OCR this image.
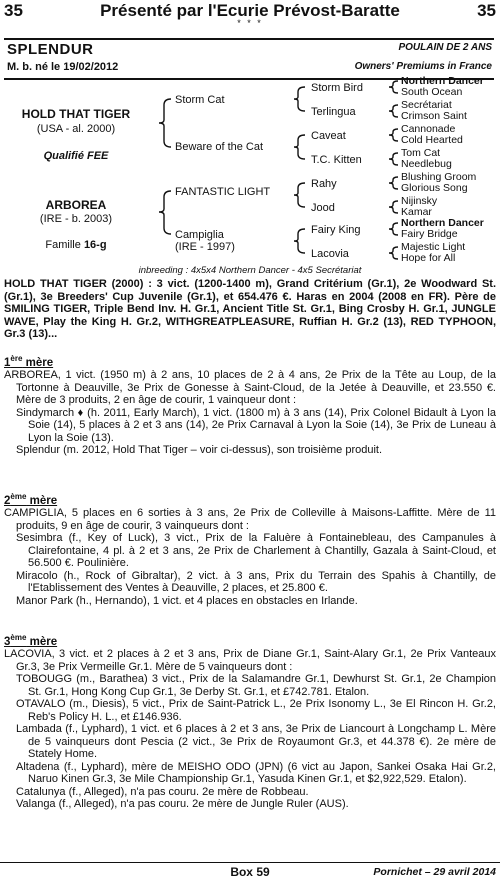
35	Présenté par l'Ecurie Prévost-Baratte	35
* * *
SPLENDUR	POULAIN DE 2 ANS
M. b. né le 19/02/2012	Owners' Premiums in France
HOLD THAT TIGER
(USA - al. 2000)
Qualifié FEE
ARBOREA
(IRE - b. 2003)
Famille 16-g
Storm Cat
Beware of the Cat
FANTASTIC LIGHT
Campiglia
(IRE - 1997)
Storm Bird
Terlingua
Caveat
T.C. Kitten
Rahy
Jood
Fairy King
Lacovia
Northern Dancer
South Ocean
Secrétariat
Crimson Saint
Cannonade
Cold Hearted
Tom Cat
Needlebug
Blushing Groom
Glorious Song
Nijinsky
Kamar
Northern Dancer
Fairy Bridge
Majestic Light
Hope for All
inbreeding : 4x5x4 Northern Dancer - 4x5 Secrétariat

HOLD THAT TIGER (2000) : 3 vict. (1200-1400 m), Grand Critérium (Gr.1), 2e Woodward St. (Gr.1), 3e Breeders' Cup Juvenile (Gr.1), et 654.476 €. Haras en 2004 (2008 en FR). Père de SMILING TIGER, Triple Bend Inv. H. Gr.1, Ancient Title St. Gr.1, Bing Crosby H. Gr.1, JUNGLE WAVE, Play the King H. Gr.2, WITHGREATPLEASURE, Ruffian H. Gr.2 (13), RED TYPHOON, Gr.3 (13)...

1ère mère

ARBOREA, 1 vict. (1950 m) à 2 ans, 10 places de 2 à 4 ans, 2e Prix de la Tête au Loup, de la Tortonne à Deauville, 3e Prix de Gonesse à Saint-Cloud, de la Jetée à Deauville, et 23.550 €. Mère de 3 produits, 2 en âge de courir, 1 vainqueur dont :

Sindymarch ♦ (h. 2011, Early March), 1 vict. (1800 m) à 3 ans (14), Prix Colonel Bidault à Lyon la Soie (14), 5 places à 2 et 3 ans (14), 2e Prix Carnaval à Lyon la Soie (14), 3e Prix de Luneau à Lyon la Soie (13).

Splendur (m. 2012, Hold That Tiger – voir ci-dessus), son troisième produit.

2ème mère

CAMPIGLIA, 5 places en 6 sorties à 3 ans, 2e Prix de Colleville à Maisons-Laffitte. Mère de 11 produits, 9 en âge de courir, 3 vainqueurs dont :

Sesimbra (f., Key of Luck), 3 vict., Prix de la Faluère à Fontainebleau, des Campanules à Clairefontaine, 4 pl. à 2 et 3 ans, 2e Prix de Charlement à Chantilly, Gazala à Saint-Cloud, et 56.500 €. Poulinière.

Miracolo (h., Rock of Gibraltar), 2 vict. à 3 ans, Prix du Terrain des Spahis à Chantilly, de l'Etablissement des Ventes à Deauville, 2 places, et 25.800 €.

Manor Park (h., Hernando), 1 vict. et 4 places en obstacles en Irlande.

3ème mère

LACOVIA, 3 vict. et 2 places à 2 et 3 ans, Prix de Diane Gr.1, Saint-Alary Gr.1, 2e Prix Vanteaux Gr.3, 3e Prix Vermeille Gr.1. Mère de 5 vainqueurs dont :

TOBOUGG (m., Barathea) 3 vict., Prix de la Salamandre Gr.1, Dewhurst St. Gr.1, 2e Champion St. Gr.1, Hong Kong Cup Gr.1, 3e Derby St. Gr.1, et £742.781. Etalon.

OTAVALO (m., Diesis), 5 vict., Prix de Saint-Patrick L., 2e Prix Isonomy L., 3e El Rincon H. Gr.2, Reb's Policy H. L., et £146.936.

Lambada (f., Lyphard), 1 vict. et 6 places à 2 et 3 ans, 3e Prix de Liancourt à Longchamp L. Mère de 5 vainqueurs dont Pescia (2 vict., 3e Prix de Royaumont Gr.3, et 44.378 €). 2e mère de Stately Home.

Altadena (f., Lyphard), mère de MEISHO ODO (JPN) (6 vict au Japon, Sankei Osaka Hai Gr.2, Naruo Kinen Gr.3, 3e Mile Championship Gr.1, Yasuda Kinen Gr.1, et $2,922,529. Etalon).

Catalunya (f., Alleged), n'a pas couru. 2e mère de Robbeau.

Valanga (f., Alleged), n'a pas couru. 2e mère de Jungle Ruler (AUS).

Box 59	Pornichet – 29 avril 2014
